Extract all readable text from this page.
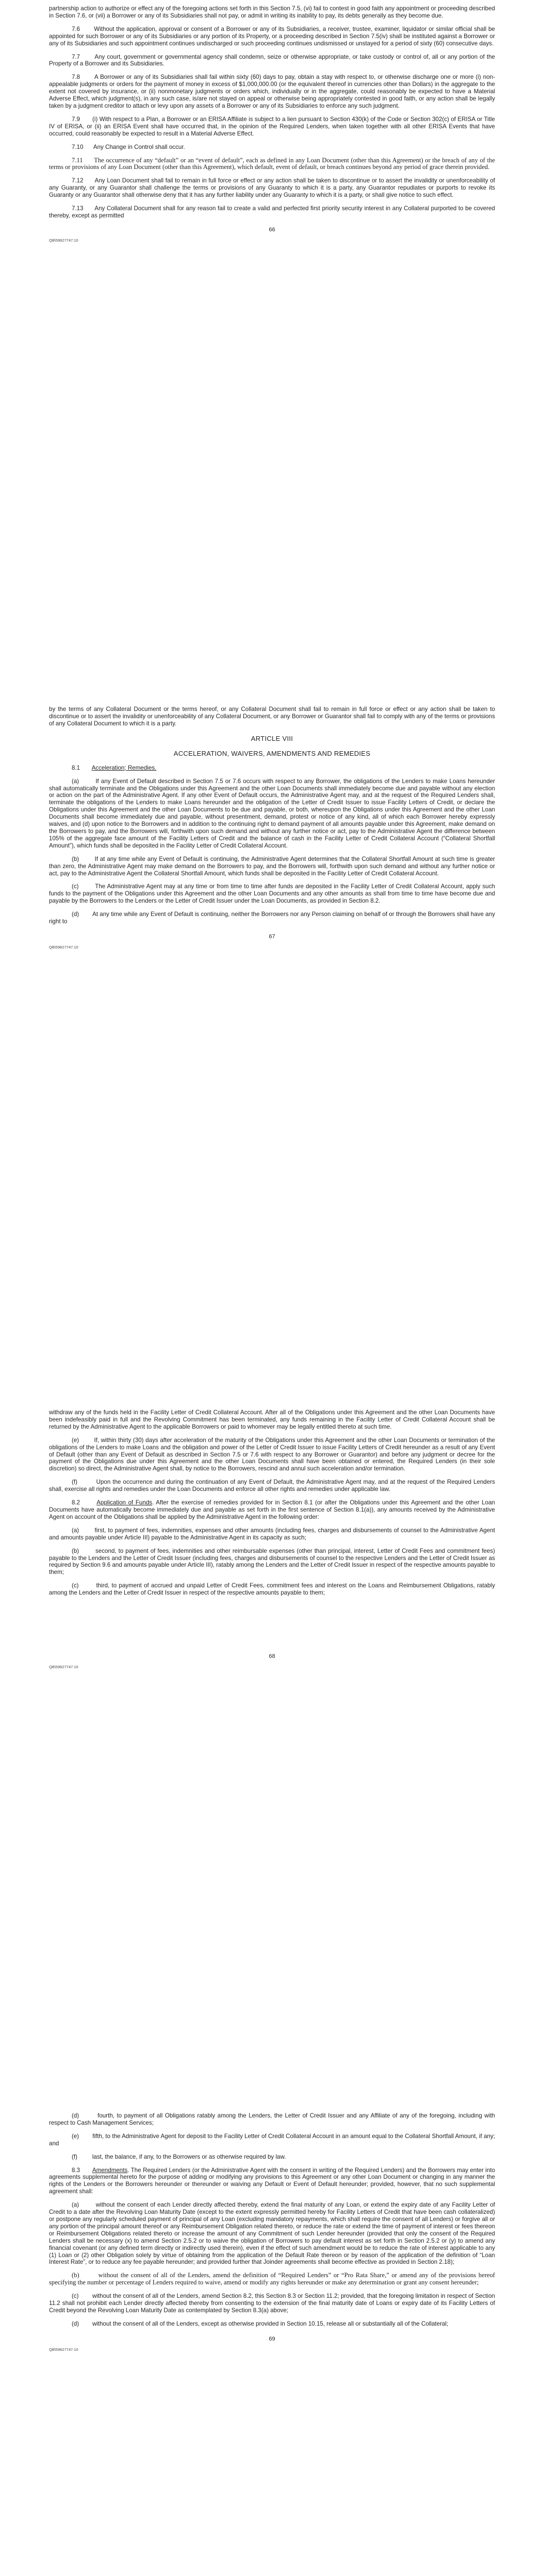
partnership action to authorize or effect any of the foregoing actions set forth in this Section 7.5, (vi) fail to contest in good faith any appointment or proceeding described in Section 7.6, or (vii) a Borrower or any of its Subsidiaries shall not pay, or admit in writing its inability to pay, its debts generally as they become due.

7.6       Without the application, approval or consent of a Borrower or any of its Subsidiaries, a receiver, trustee, examiner, liquidator or similar official shall be appointed for such Borrower or any of its Subsidiaries or any portion of its Property, or a proceeding described in Section 7.5(iv) shall be instituted against a Borrower or any of its Subsidiaries and such appointment continues undischarged or such proceeding continues undismissed or unstayed for a period of sixty (60) consecutive days.

7.7       Any court, government or governmental agency shall condemn, seize or otherwise appropriate, or take custody or control of, all or any portion of the Property of a Borrower and its Subsidiaries.

7.8       A Borrower or any of its Subsidiaries shall fail within sixty (60) days to pay, obtain a stay with respect to, or otherwise discharge one or more (i) non-appealable judgments or orders for the payment of money in excess of $1,000,000.00 (or the equivalent thereof in currencies other than Dollars) in the aggregate to the extent not covered by insurance, or (ii) nonmonetary judgments or orders which, individually or in the aggregate, could reasonably be expected to have a Material Adverse Effect, which judgment(s), in any such case, is/are not stayed on appeal or otherwise being appropriately contested in good faith, or any action shall be legally taken by a judgment creditor to attach or levy upon any assets of a Borrower or any of its Subsidiaries to enforce any such judgment.

7.9       (i) With respect to a Plan, a Borrower or an ERISA Affiliate is subject to a lien pursuant to Section 430(k) of the Code or Section 302(c) of ERISA or Title IV of ERISA, or (ii) an ERISA Event shall have occurred that, in the opinion of the Required Lenders, when taken together with all other ERISA Events that have occurred, could reasonably be expected to result in a Material Adverse Effect.

7.10      Any Change in Control shall occur.

7.11      The occurrence of any “default” or an “event of default”, each as defined in any Loan Document (other than this Agreement) or the breach of any of the terms or provisions of any Loan Document (other than this Agreement), which default, event of default, or breach continues beyond any period of grace therein provided.

7.12      Any Loan Document shall fail to remain in full force or effect or any action shall be taken to discontinue or to assert the invalidity or unenforceability of any Guaranty, or any Guarantor shall challenge the terms or provisions of any Guaranty to which it is a party, any Guarantor repudiates or purports to revoke its Guaranty or any Guarantor shall otherwise deny that it has any further liability under any Guaranty to which it is a party, or shall give notice to such effect.

7.13      Any Collateral Document shall for any reason fail to create a valid and perfected first priority security interest in any Collateral purported to be covered thereby, except as permitted

66

QB\59627747.10

by the terms of any Collateral Document or the terms hereof, or any Collateral Document shall fail to remain in full force or effect or any action shall be taken to discontinue or to assert the invalidity or unenforceability of any Collateral Document, or any Borrower or Guarantor shall fail to comply with any of the terms or provisions of any Collateral Document to which it is a party.

ARTICLE VIII

ACCELERATION, WAIVERS, AMENDMENTS AND REMEDIES

8.1 Acceleration; Remedies.

(a)        If any Event of Default described in Section 7.5 or 7.6 occurs with respect to any Borrower, the obligations of the Lenders to make Loans hereunder shall automatically terminate and the Obligations under this Agreement and the other Loan Documents shall immediately become due and payable without any election or action on the part of the Administrative Agent. If any other Event of Default occurs, the Administrative Agent may, and at the request of the Required Lenders shall, terminate the obligations of the Lenders to make Loans hereunder and the obligation of the Letter of Credit Issuer to issue Facility Letters of Credit, or declare the Obligations under this Agreement and the other Loan Documents to be due and payable, or both, whereupon the Obligations under this Agreement and the other Loan Documents shall become immediately due and payable, without presentment, demand, protest or notice of any kind, all of which each Borrower hereby expressly waives, and (d) upon notice to the Borrowers and in addition to the continuing right to demand payment of all amounts payable under this Agreement, make demand on the Borrowers to pay, and the Borrowers will, forthwith upon such demand and without any further notice or act, pay to the Administrative Agent the difference between 105% of the aggregate face amount of the Facility Letters of Credit and the balance of cash in the Facility Letter of Credit Collateral Account (“Collateral Shortfall Amount”), which funds shall be deposited in the Facility Letter of Credit Collateral Account.

(b)        If at any time while any Event of Default is continuing, the Administrative Agent determines that the Collateral Shortfall Amount at such time is greater than zero, the Administrative Agent may make demand on the Borrowers to pay, and the Borrowers will, forthwith upon such demand and without any further notice or act, pay to the Administrative Agent the Collateral Shortfall Amount, which funds shall be deposited in the Facility Letter of Credit Collateral Account.

(c)        The Administrative Agent may at any time or from time to time after funds are deposited in the Facility Letter of Credit Collateral Account, apply such funds to the payment of the Obligations under this Agreement and the other Loan Documents and any other amounts as shall from time to time have become due and payable by the Borrowers to the Lenders or the Letter of Credit Issuer under the Loan Documents, as provided in Section 8.2.

(d)        At any time while any Event of Default is continuing, neither the Borrowers nor any Person claiming on behalf of or through the Borrowers shall have any right to

67

QB\59627747.10

withdraw any of the funds held in the Facility Letter of Credit Collateral Account. After all of the Obligations under this Agreement and the other Loan Documents have been indefeasibly paid in full and the Revolving Commitment has been terminated, any funds remaining in the Facility Letter of Credit Collateral Account shall be returned by the Administrative Agent to the applicable Borrowers or paid to whomever may be legally entitled thereto at such time.

(e)        If, within thirty (30) days after acceleration of the maturity of the Obligations under this Agreement and the other Loan Documents or termination of the obligations of the Lenders to make Loans and the obligation and power of the Letter of Credit Issuer to issue Facility Letters of Credit hereunder as a result of any Event of Default (other than any Event of Default as described in Section 7.5 or 7.6 with respect to any Borrower or Guarantor) and before any judgment or decree for the payment of the Obligations due under this Agreement and the other Loan Documents shall have been obtained or entered, the Required Lenders (in their sole discretion) so direct, the Administrative Agent shall, by notice to the Borrowers, rescind and annul such acceleration and/or termination.

(f)         Upon the occurrence and during the continuation of any Event of Default, the Administrative Agent may, and at the request of the Required Lenders shall, exercise all rights and remedies under the Loan Documents and enforce all other rights and remedies under applicable law.

8.2	Application of Funds. After the exercise of remedies provided for in Section 8.1 (or after the Obligations under this Agreement and the other Loan Documents have automatically become immediately due and payable as set forth in the first sentence of Section 8.1(a)), any amounts received by the Administrative Agent on account of the Obligations shall be applied by the Administrative Agent in the following order:

(a)        first, to payment of fees, indemnities, expenses and other amounts (including fees, charges and disbursements of counsel to the Administrative Agent and amounts payable under Article III) payable to the Administrative Agent in its capacity as such;

(b)        second, to payment of fees, indemnities and other reimbursable expenses (other than principal, interest, Letter of Credit Fees and commitment fees) payable to the Lenders and the Letter of Credit Issuer (including fees, charges and disbursements of counsel to the respective Lenders and the Letter of Credit Issuer as required by Section 9.6 and amounts payable under Article III), ratably among the Lenders and the Letter of Credit Issuer in respect of the respective amounts payable to them;

(c)        third, to payment of accrued and unpaid Letter of Credit Fees, commitment fees and interest on the Loans and Reimbursement Obligations, ratably among the Lenders and the Letter of Credit Issuer in respect of the respective amounts payable to them;

68

QB\59627747.10

(d)        fourth, to payment of all Obligations ratably among the Lenders, the Letter of Credit Issuer and any Affiliate of any of the foregoing, including with respect to Cash Management Services;

(e)        fifth, to the Administrative Agent for deposit to the Facility Letter of Credit Collateral Account in an amount equal to the Collateral Shortfall Amount, if any; and

(f)         last, the balance, if any, to the Borrowers or as otherwise required by law.

8.3 Amendments. The Required Lenders (or the Administrative Agent with the consent in writing of the Required Lenders) and the Borrowers may enter into agreements supplemental hereto for the purpose of adding or modifying any provisions to this Agreement or any other Loan Document or changing in any manner the rights of the Lenders or the Borrowers hereunder or thereunder or waiving any Default or Event of Default hereunder; provided, however, that no such supplemental agreement shall:

(a)        without the consent of each Lender directly affected thereby, extend the final maturity of any Loan, or extend the expiry date of any Facility Letter of Credit to a date after the Revolving Loan Maturity Date (except to the extent expressly permitted hereby for Facility Letters of Credit that have been cash collateralized) or postpone any regularly scheduled payment of principal of any Loan (excluding mandatory repayments, which shall require the consent of all Lenders) or forgive all or any portion of the principal amount thereof or any Reimbursement Obligation related thereto, or reduce the rate or extend the time of payment of interest or fees thereon or Reimbursement Obligations related thereto or increase the amount of any Commitment of such Lender hereunder (provided that only the consent of the Required Lenders shall be necessary (x) to amend Section 2.5.2 or to waive the obligation of Borrowers to pay default interest as set forth in Section 2.5.2 or (y) to amend any financial covenant (or any defined term directly or indirectly used therein), even if the effect of such amendment would be to reduce the rate of interest applicable to any (1) Loan or (2) other Obligation solely by virtue of obtaining from the application of the Default Rate thereon or by reason of the application of the definition of “Loan Interest Rate”, or to reduce any fee payable hereunder; and provided further that Joinder agreements shall become effective as provided in Section 2.18);

(b)        without the consent of all of the Lenders, amend the definition of “Required Lenders” or “Pro Rata Share,” or amend any of the provisions hereof specifying the number or percentage of Lenders required to waive, amend or modify any rights hereunder or make any determination or grant any consent hereunder;

(c)        without the consent of all of the Lenders, amend Section 8.2, this Section 8.3 or Section 11.2; provided, that the foregoing limitation in respect of Section 11.2 shall not prohibit each Lender directly affected thereby from consenting to the extension of the final maturity date of Loans or expiry date of its Facility Letters of Credit beyond the Revolving Loan Maturity Date as contemplated by Section 8.3(a) above;

(d)        without the consent of all of the Lenders, except as otherwise provided in Section 10.15, release all or substantially all of the Collateral;

69

QB\59627747.10
